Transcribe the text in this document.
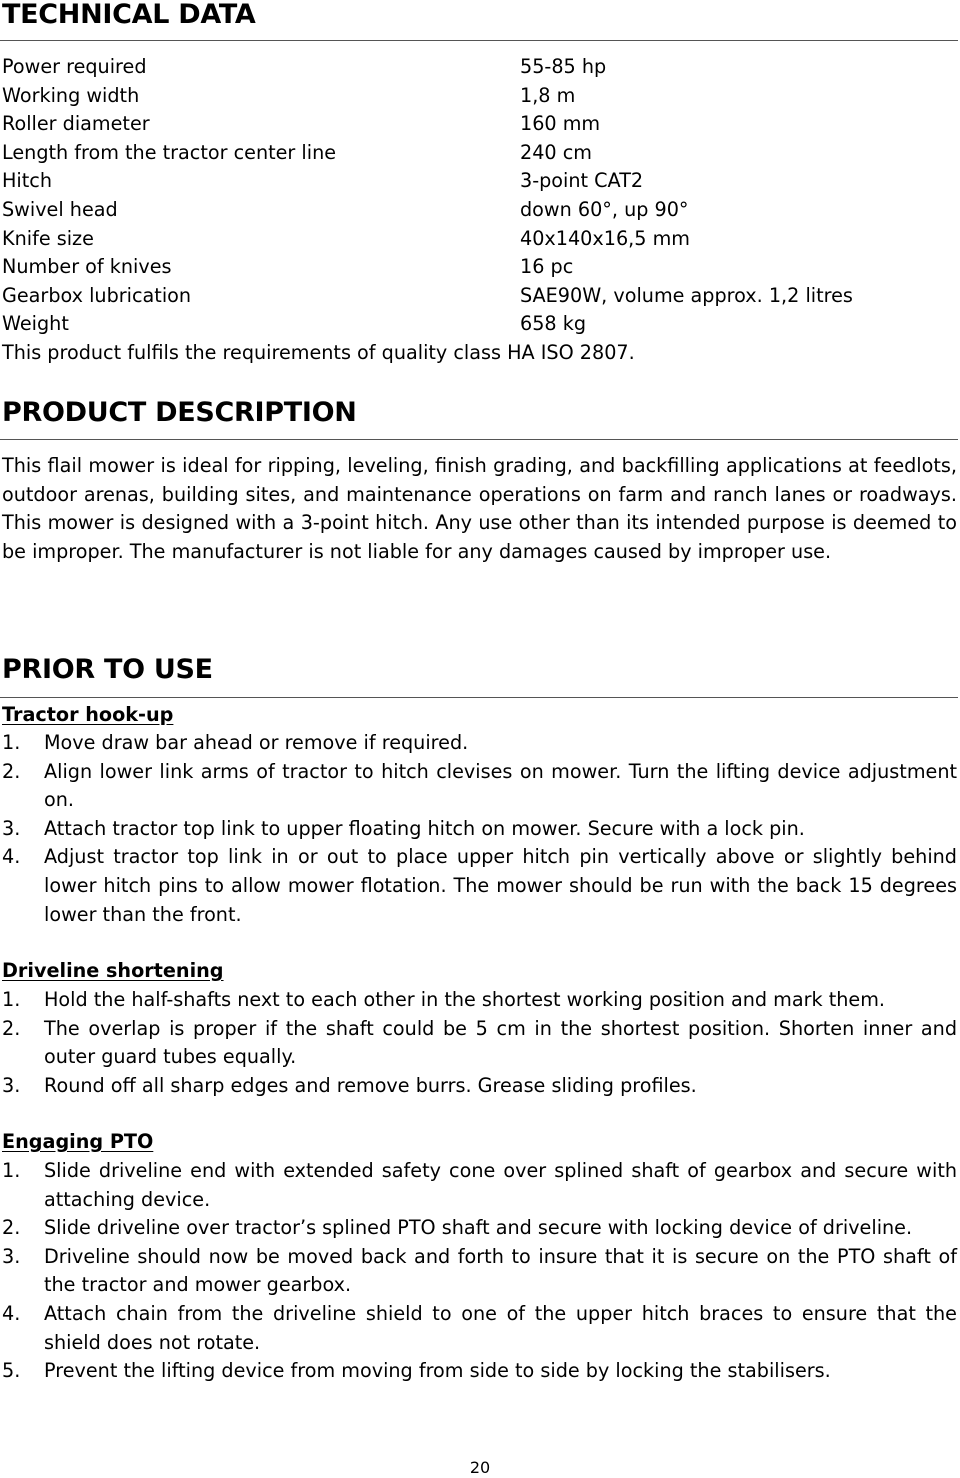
TECHNICAL DATA
Power required	55-85 hp
Working width	1,8 m
Roller diameter	160 mm
Length from the tractor center line	240 cm
Hitch	3-point CAT2
Swivel head	down 60°, up 90°
Knife size	40x140x16,5 mm
Number of knives	16 pc
Gearbox lubrication	SAE90W, volume approx. 1,2 litres
Weight	658 kg
This product fulfils the requirements of quality class HA ISO 2807.
PRODUCT DESCRIPTION

This flail mower is ideal for ripping, leveling, finish grading, and backfilling applications at feedlots, outdoor arenas, building sites, and maintenance operations on farm and ranch lanes or roadways. This mower is designed with a 3-point hitch. Any use other than its intended purpose is deemed to be improper. The manufacturer is not liable for any damages caused by improper use.

PRIOR TO USE
Tractor hook-up
1. Move draw bar ahead or remove if required.
2. Align lower link arms of tractor to hitch clevises on mower. Turn the lifting device adjustment on.
3. Attach tractor top link to upper floating hitch on mower. Secure with a lock pin.
4. Adjust tractor top link in or out to place upper hitch pin vertically above or slightly behind lower hitch pins to allow mower flotation. The mower should be run with the back 15 degrees lower than the front.
Driveline shortening
1. Hold the half-shafts next to each other in the shortest working position and mark them.
2. The overlap is proper if the shaft could be 5 cm in the shortest position. Shorten inner and outer guard tubes equally.
3. Round off all sharp edges and remove burrs. Grease sliding profiles.
Engaging PTO
1. Slide driveline end with extended safety cone over splined shaft of gearbox and secure with attaching device.
2. Slide driveline over tractor’s splined PTO shaft and secure with locking device of driveline.
3. Driveline should now be moved back and forth to insure that it is secure on the PTO shaft of the tractor and mower gearbox.
4. Attach chain from the driveline shield to one of the upper hitch braces to ensure that the shield does not rotate.
5. Prevent the lifting device from moving from side to side by locking the stabilisers.
20
